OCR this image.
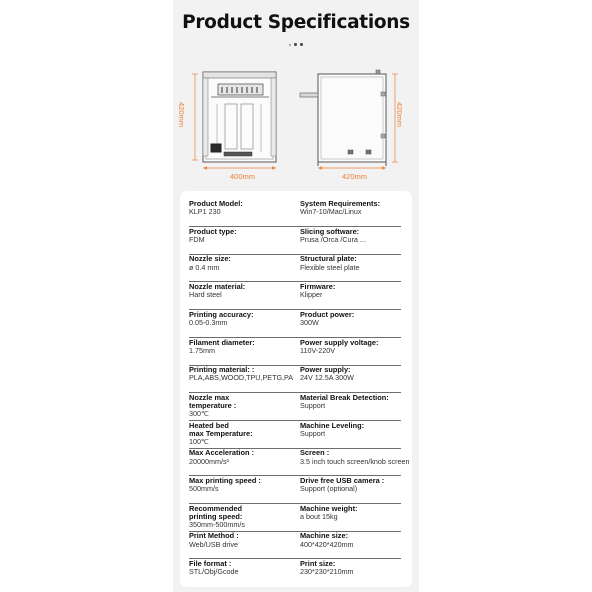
Product Specifications

420mm
400mm
420mm
420mm
Product Model:
KLP1 230
System Requirements:
Win7-10/Mac/Linux
Product type:
FDM
Slicing software:
Prusa /Orca /Cura ...
Nozzle size:
ø 0.4 mm
Structural plate:
Flexible steel plate
Nozzle material:
Hard steel
Firmware:
Klipper
Printing accuracy:
0.05-0.3mm
Product power:
300W
Filament diameter:
1.75mm
Power supply voltage:
110V-220V
Printing material: :
PLA,ABS,WOOD,TPU,PETG,PA
Power supply:
24V 12.5A 300W
Nozzle max
temperature :
300℃
Material Break Detection:
Support
Heated bed
max Temperature:
100℃
Machine Leveling:
Support
Max Acceleration :
20000mm/s²
Screen :
3.5 inch touch screen/knob screen
Max printing speed :
500mm/s
Drive free USB camera :
Support (optional)
Recommended
printing speed:
350mm-500mm/s
Machine weight:
a bout 15kg
Print Method :
Web/USB drive
Machine size:
400*420*420mm
File format :
STL/Obj/Gcode
Print size:
230*230*210mm
